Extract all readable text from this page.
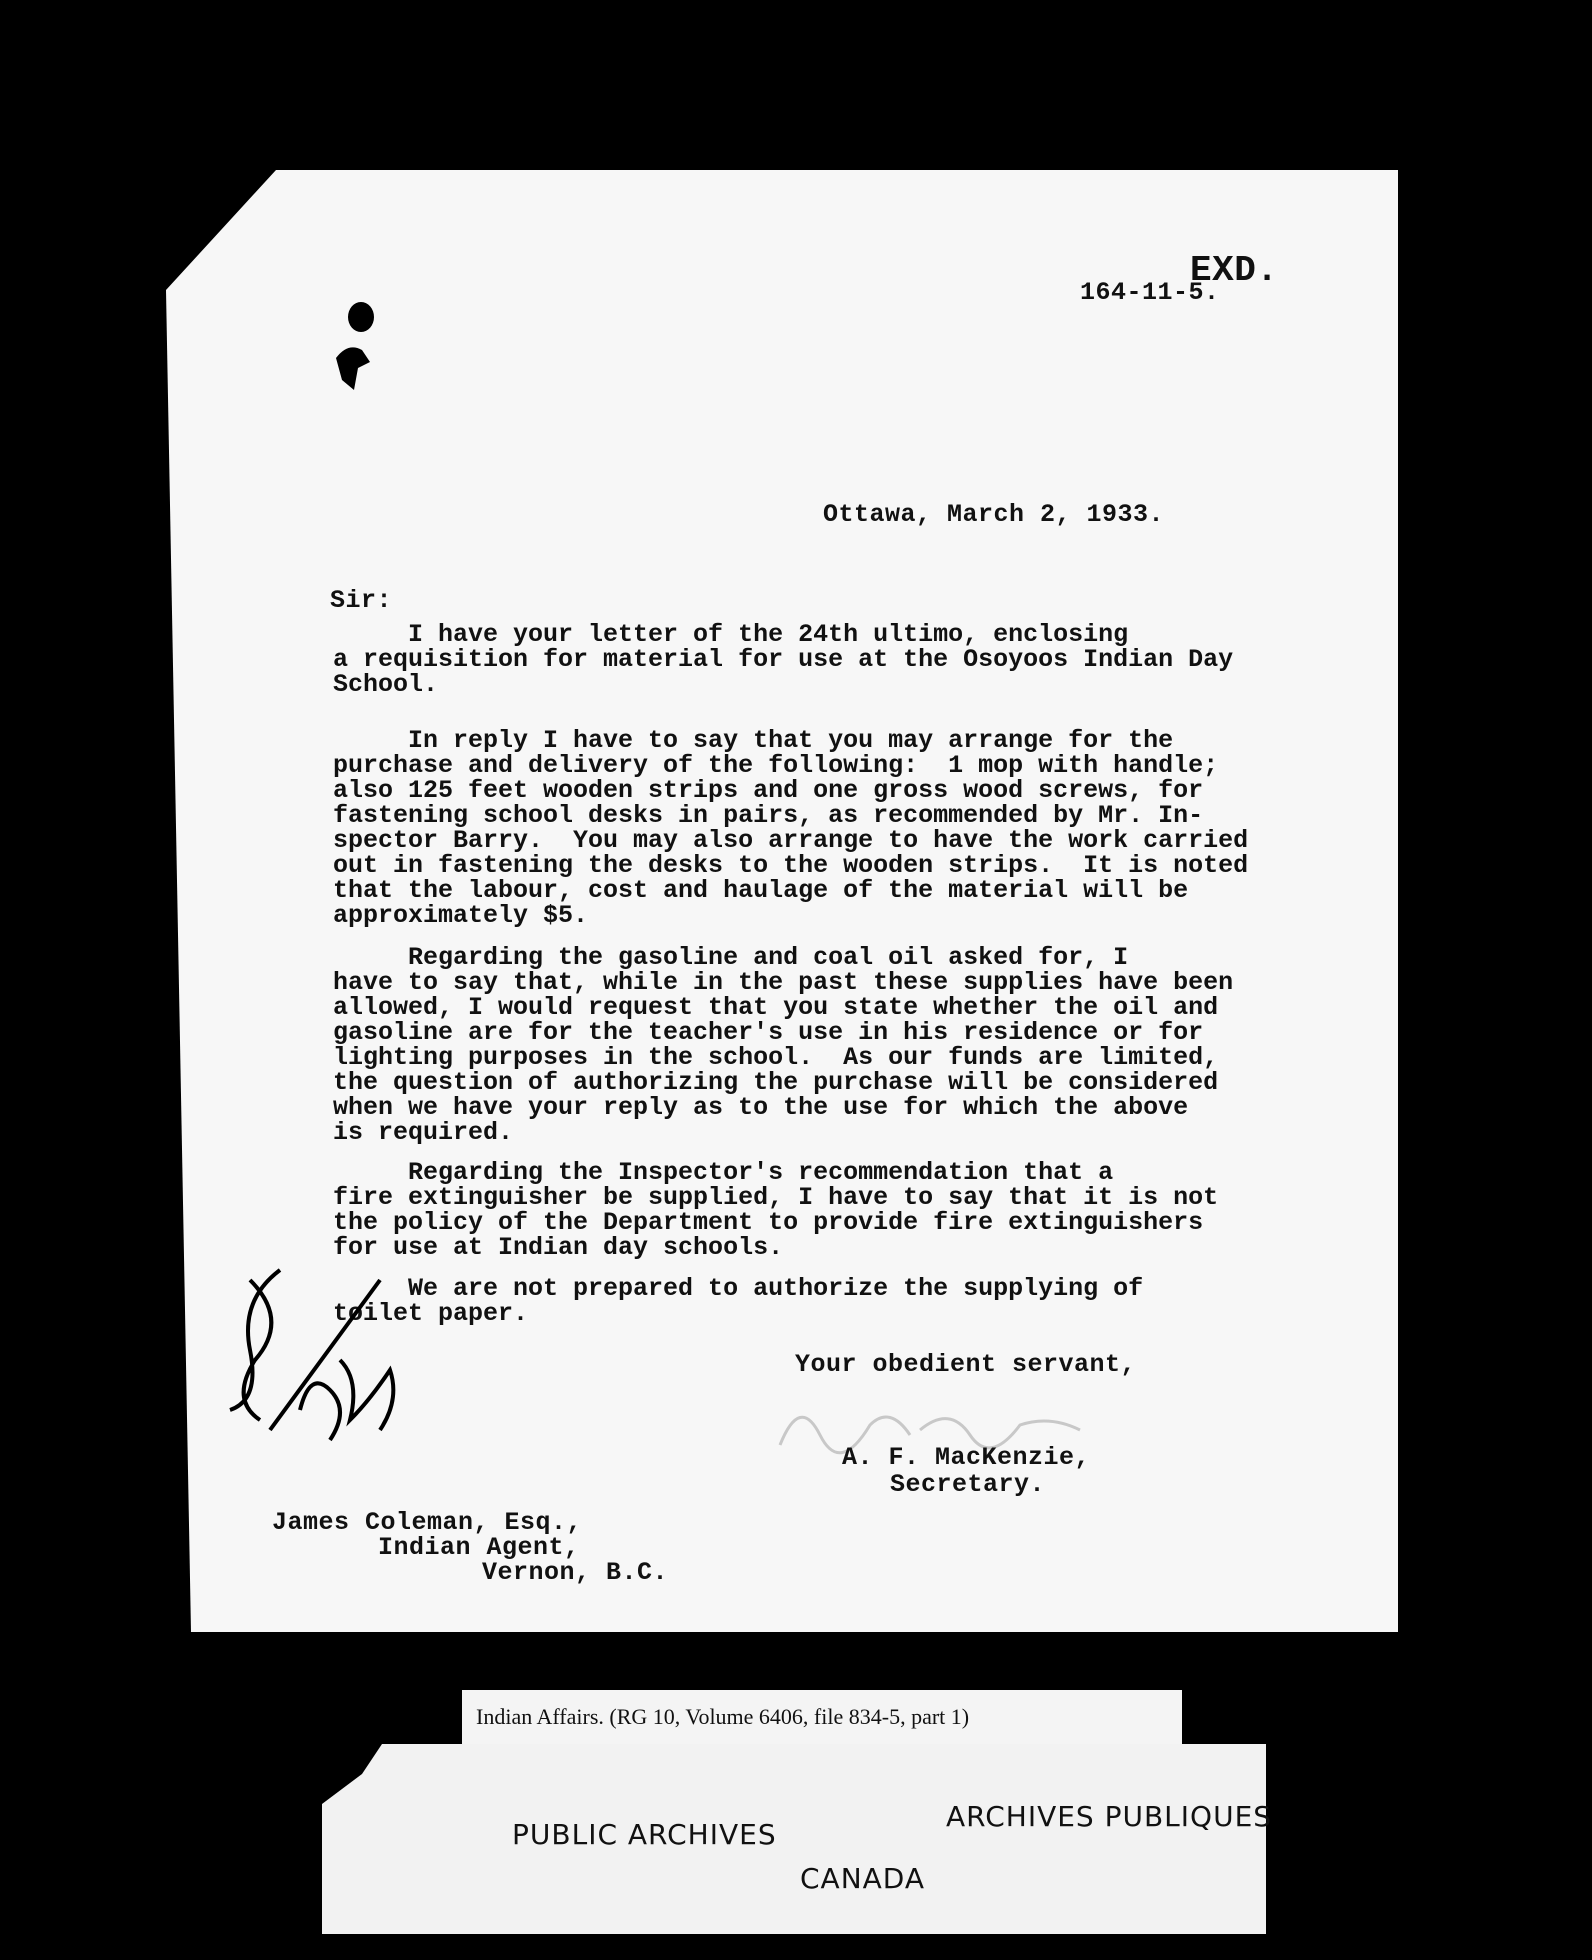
164-11-5.
EXD.
Ottawa, March 2, 1933.
Sir:
I have your letter of the 24th ultimo, enclosing
a requisition for material for use at the Osoyoos Indian Day
School.
In reply I have to say that you may arrange for the
purchase and delivery of the following:  1 mop with handle;
also 125 feet wooden strips and one gross wood screws, for
fastening school desks in pairs, as recommended by Mr. In-
spector Barry.  You may also arrange to have the work carried
out in fastening the desks to the wooden strips.  It is noted
that the labour, cost and haulage of the material will be
approximately $5.
Regarding the gasoline and coal oil asked for, I
have to say that, while in the past these supplies have been
allowed, I would request that you state whether the oil and
gasoline are for the teacher's use in his residence or for
lighting purposes in the school.  As our funds are limited,
the question of authorizing the purchase will be considered
when we have your reply as to the use for which the above
is required.
Regarding the Inspector's recommendation that a
fire extinguisher be supplied, I have to say that it is not
the policy of the Department to provide fire extinguishers
for use at Indian day schools.
We are not prepared to authorize the supplying of
toilet paper.
Your obedient servant,
A. F. MacKenzie,
Secretary.
James Coleman, Esq.,
Indian Agent,
Vernon, B.C.
Indian Affairs. (RG 10, Volume 6406, file 834-5, part 1)
PUBLIC ARCHIVES
ARCHIVES PUBLIQUES
CANADA
